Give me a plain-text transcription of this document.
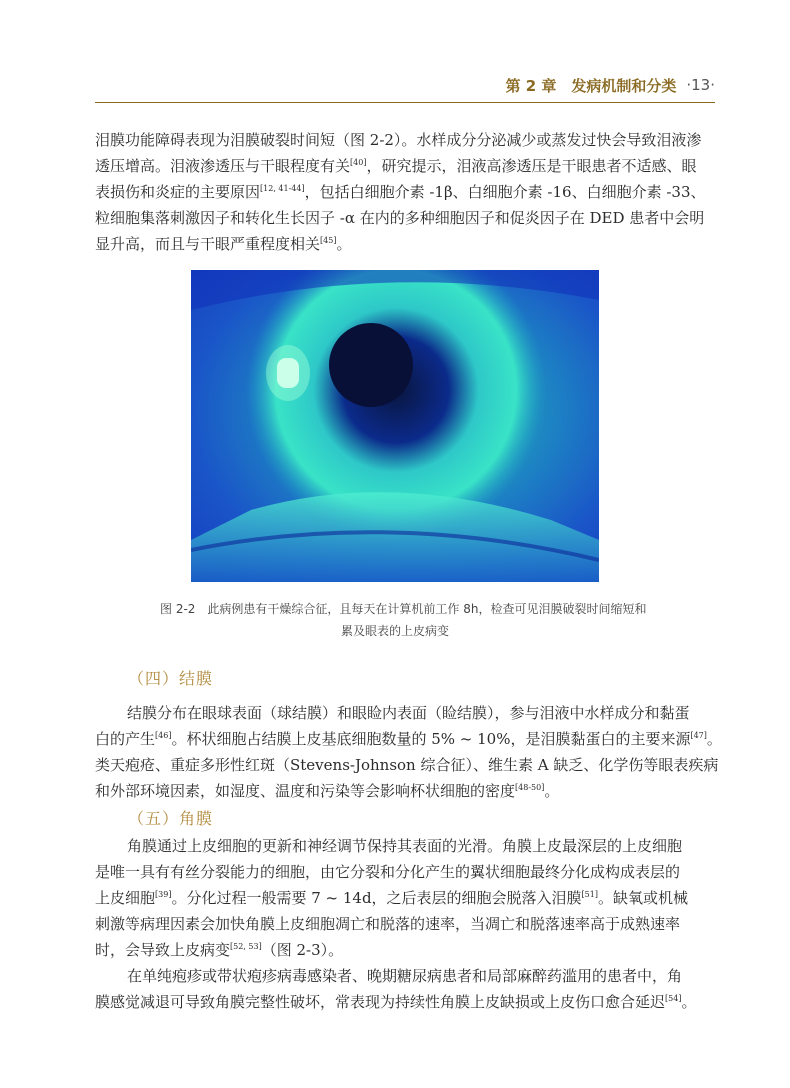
第 2 章　发病机制和分类 ·13·
泪膜功能障碍表现为泪膜破裂时间短（图 2-2）。水样成分分泌减少或蒸发过快会导致泪液渗
透压增高。泪液渗透压与干眼程度有关[40]，研究提示，泪液高渗透压是干眼患者不适感、眼
表损伤和炎症的主要原因[12, 41-44]，包括白细胞介素 -1β、白细胞介素 -16、白细胞介素 -33、
粒细胞集落刺激因子和转化生长因子 -α 在内的多种细胞因子和促炎因子在 DED 患者中会明
显升高，而且与干眼严重程度相关[45]。
图 2-2　此病例患有干燥综合征，且每天在计算机前工作 8h，检查可见泪膜破裂时间缩短和
累及眼表的上皮病变
（四）结膜
结膜分布在眼球表面（球结膜）和眼睑内表面（睑结膜），参与泪液中水样成分和黏蛋
白的产生[46]。杯状细胞占结膜上皮基底细胞数量的 5% ~ 10%，是泪膜黏蛋白的主要来源[47]。
类天疱疮、重症多形性红斑（Stevens-Johnson 综合征）、维生素 A 缺乏、化学伤等眼表疾病
和外部环境因素，如湿度、温度和污染等会影响杯状细胞的密度[48-50]。
（五）角膜
角膜通过上皮细胞的更新和神经调节保持其表面的光滑。角膜上皮最深层的上皮细胞
是唯一具有有丝分裂能力的细胞，由它分裂和分化产生的翼状细胞最终分化成构成表层的
上皮细胞[39]。分化过程一般需要 7 ~ 14d，之后表层的细胞会脱落入泪膜[51]。缺氧或机械
刺激等病理因素会加快角膜上皮细胞凋亡和脱落的速率，当凋亡和脱落速率高于成熟速率
时，会导致上皮病变[52, 53]（图 2-3）。
在单纯疱疹或带状疱疹病毒感染者、晚期糖尿病患者和局部麻醉药滥用的患者中，角
膜感觉减退可导致角膜完整性破坏，常表现为持续性角膜上皮缺损或上皮伤口愈合延迟[54]。
